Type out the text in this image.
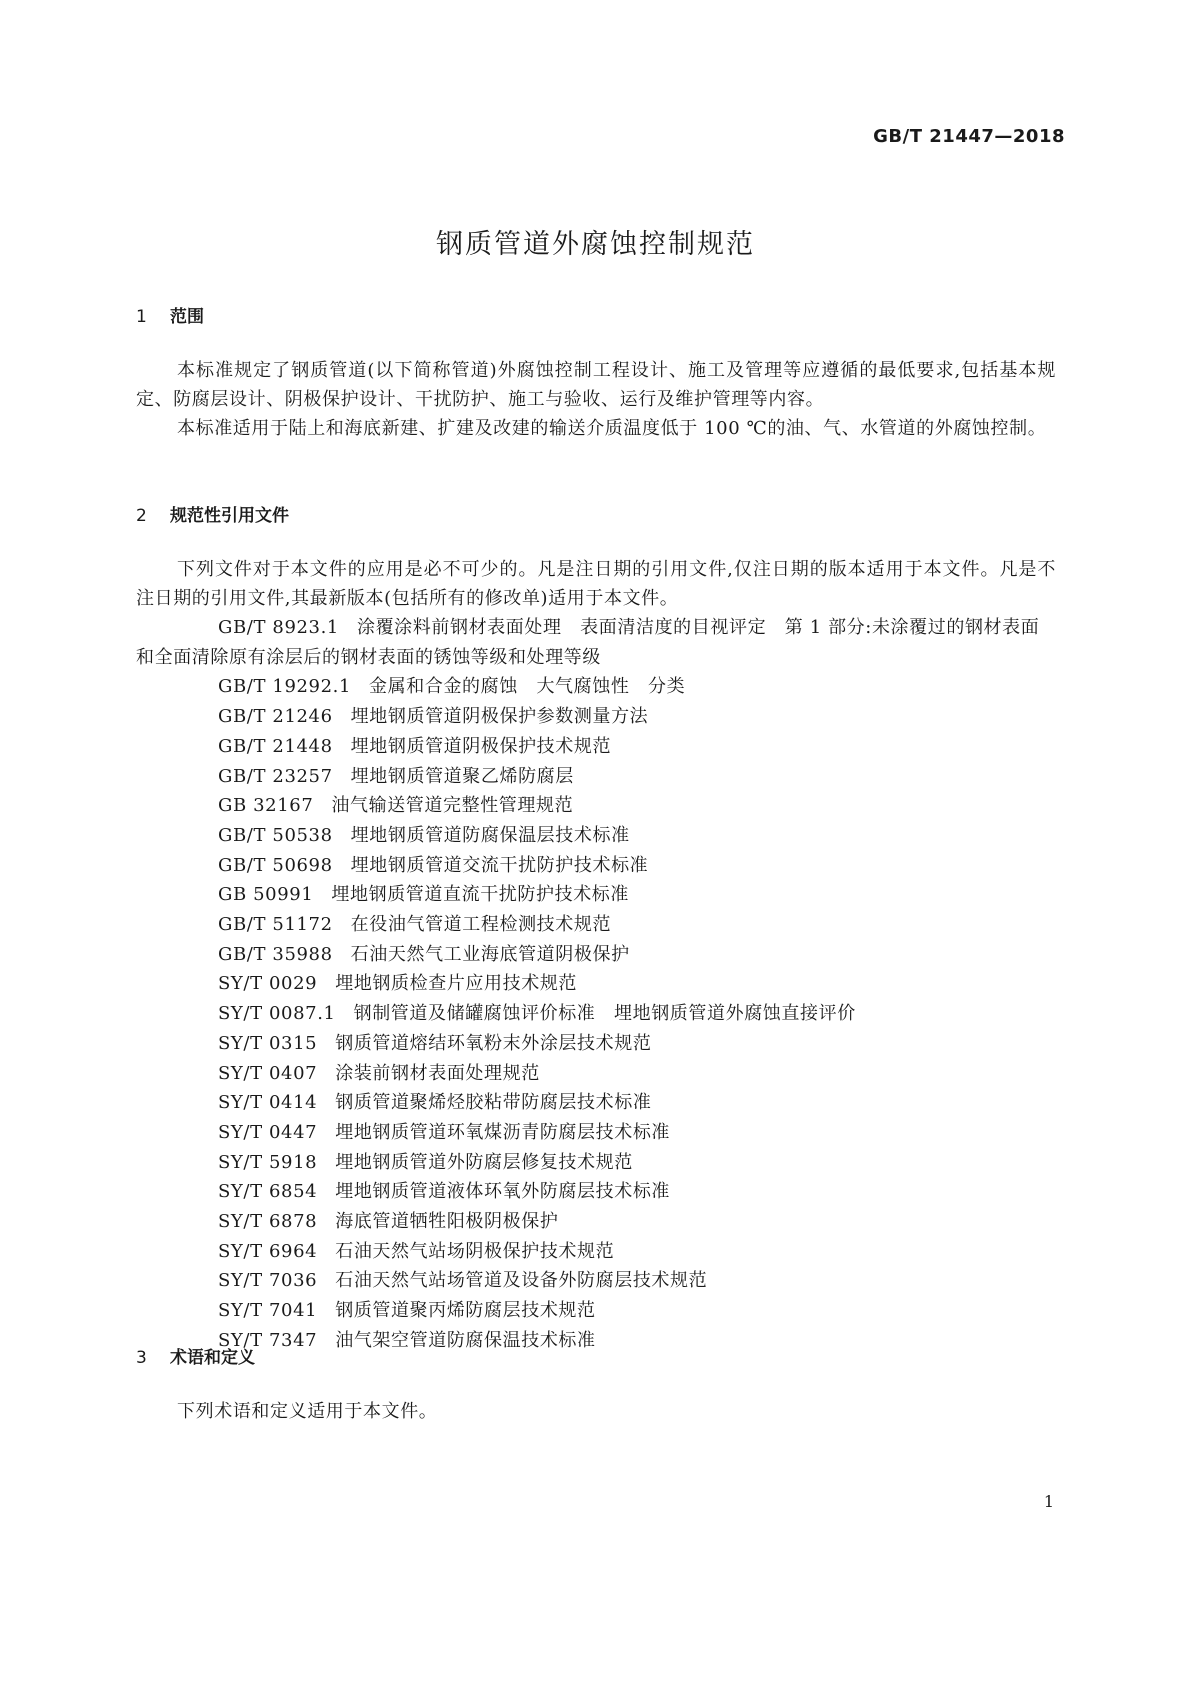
GB/T 21447—2018

钢质管道外腐蚀控制规范
1 范围

本标准规定了钢质管道(以下简称管道)外腐蚀控制工程设计、施工及管理等应遵循的最低要求,包括基本规定、防腐层设计、阴极保护设计、干扰防护、施工与验收、运行及维护管理等内容。

本标准适用于陆上和海底新建、扩建及改建的输送介质温度低于 100 ℃的油、气、水管道的外腐蚀控制。

2 规范性引用文件

下列文件对于本文件的应用是必不可少的。凡是注日期的引用文件,仅注日期的版本适用于本文件。凡是不注日期的引用文件,其最新版本(包括所有的修改单)适用于本文件。

GB/T 8923.1 涂覆涂料前钢材表面处理　表面清洁度的目视评定　第 1 部分:未涂覆过的钢材表面和全面清除原有涂层后的钢材表面的锈蚀等级和处理等级
GB/T 19292.1 金属和合金的腐蚀　大气腐蚀性　分类
GB/T 21246 埋地钢质管道阴极保护参数测量方法
GB/T 21448 埋地钢质管道阴极保护技术规范
GB/T 23257 埋地钢质管道聚乙烯防腐层
GB 32167 油气输送管道完整性管理规范
GB/T 50538 埋地钢质管道防腐保温层技术标准
GB/T 50698 埋地钢质管道交流干扰防护技术标准
GB 50991 埋地钢质管道直流干扰防护技术标准
GB/T 51172 在役油气管道工程检测技术规范
GB/T 35988 石油天然气工业海底管道阴极保护
SY/T 0029 埋地钢质检查片应用技术规范
SY/T 0087.1 钢制管道及储罐腐蚀评价标准　埋地钢质管道外腐蚀直接评价
SY/T 0315 钢质管道熔结环氧粉末外涂层技术规范
SY/T 0407 涂装前钢材表面处理规范
SY/T 0414 钢质管道聚烯烃胶粘带防腐层技术标准
SY/T 0447 埋地钢质管道环氧煤沥青防腐层技术标准
SY/T 5918 埋地钢质管道外防腐层修复技术规范
SY/T 6854 埋地钢质管道液体环氧外防腐层技术标准
SY/T 6878 海底管道牺牲阳极阴极保护
SY/T 6964 石油天然气站场阴极保护技术规范
SY/T 7036 石油天然气站场管道及设备外防腐层技术规范
SY/T 7041 钢质管道聚丙烯防腐层技术规范
SY/T 7347 油气架空管道防腐保温技术标准
3 术语和定义

下列术语和定义适用于本文件。

1
